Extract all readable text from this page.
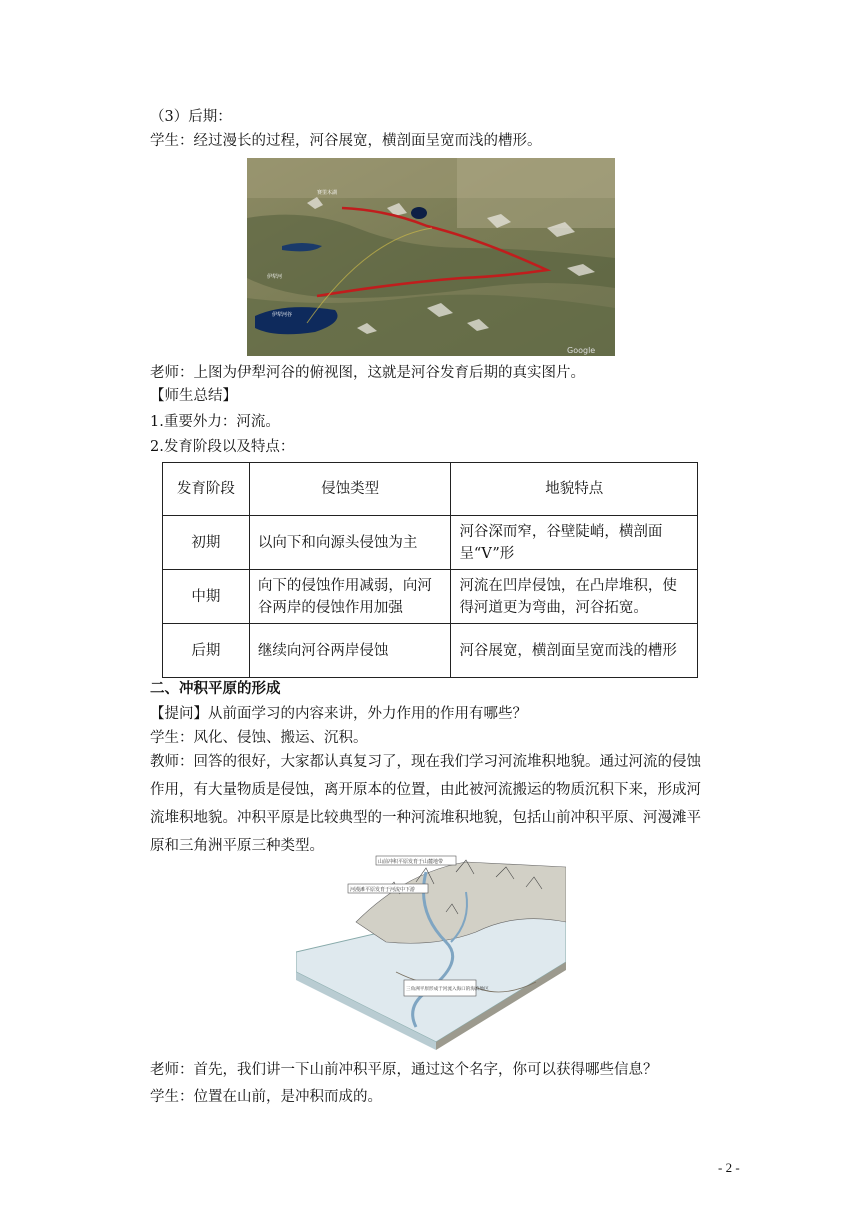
（3）后期：
学生：经过漫长的过程，河谷展宽，横剖面呈宽而浅的槽形。
赛里木湖
伊犁河
伊犁河谷
Google
老师：上图为伊犁河谷的俯视图，这就是河谷发育后期的真实图片。
【师生总结】
1.重要外力：河流。
2.发育阶段以及特点：
发育阶段	侵蚀类型	地貌特点
初期	以向下和向源头侵蚀为主	河谷深而窄，谷壁陡峭，横剖面呈“V”形
中期	向下的侵蚀作用减弱，向河谷两岸的侵蚀作用加强	河流在凹岸侵蚀，在凸岸堆积，使得河道更为弯曲，河谷拓宽。
后期	继续向河谷两岸侵蚀	河谷展宽，横剖面呈宽而浅的槽形
二、冲积平原的形成
【提问】从前面学习的内容来讲，外力作用的作用有哪些？
学生：风化、侵蚀、搬运、沉积。
教师：回答的很好，大家都认真复习了，现在我们学习河流堆积地貌。通过河流的侵蚀作用，有大量物质是侵蚀，离开原本的位置，由此被河流搬运的物质沉积下来，形成河流堆积地貌。冲积平原是比较典型的一种河流堆积地貌，包括山前冲积平原、河漫滩平原和三角洲平原三种类型。
山前冲积平原发育于山麓地带
河漫滩平原发育于河流中下游
三角洲平原形成于河流入海口的海滨地区
老师：首先，我们讲一下山前冲积平原，通过这个名字，你可以获得哪些信息？
学生：位置在山前，是冲积而成的。
- 2 -
